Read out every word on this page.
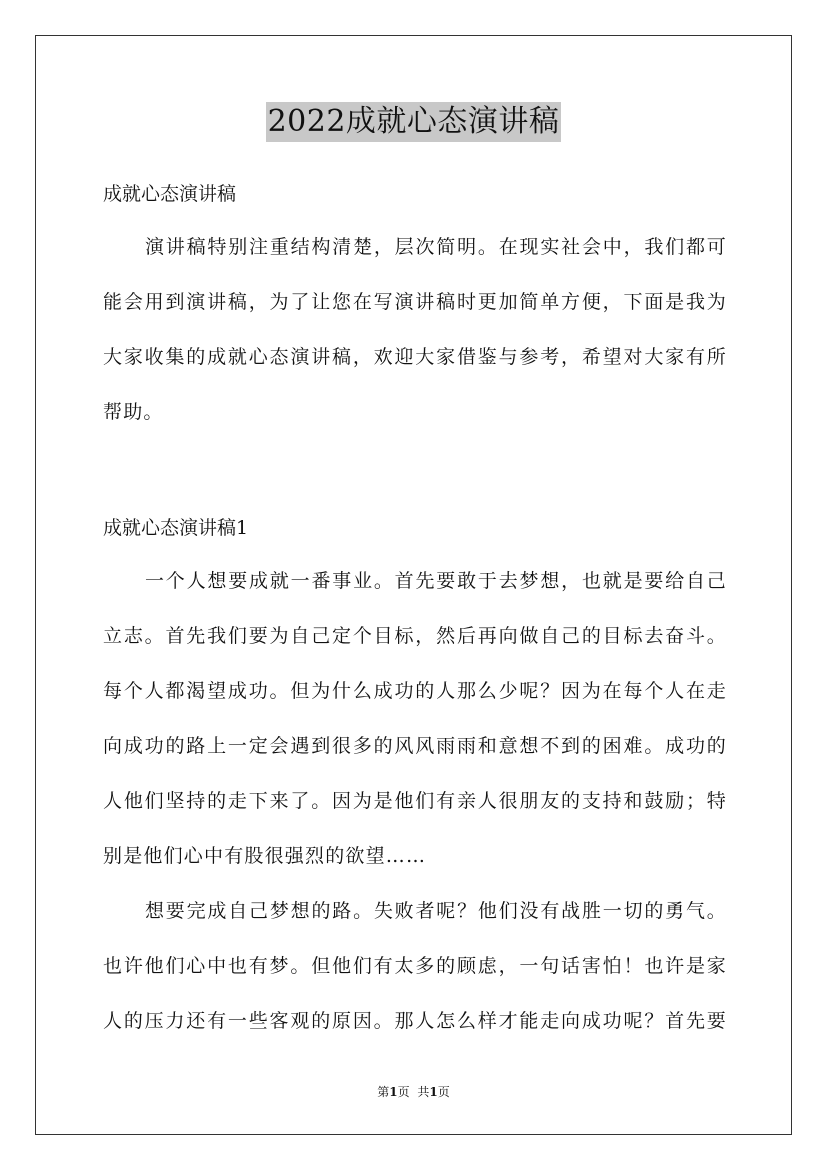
2022成就心态演讲稿

成就心态演讲稿

演讲稿特别注重结构清楚，层次简明。在现实社会中，我们都可

能会用到演讲稿，为了让您在写演讲稿时更加简单方便，下面是我为

大家收集的成就心态演讲稿，欢迎大家借鉴与参考，希望对大家有所

帮助。

成就心态演讲稿1

一个人想要成就一番事业。首先要敢于去梦想，也就是要给自己

立志。首先我们要为自己定个目标，然后再向做自己的目标去奋斗。

每个人都渴望成功。但为什么成功的人那么少呢？因为在每个人在走

向成功的路上一定会遇到很多的风风雨雨和意想不到的困难。成功的

人他们坚持的走下来了。因为是他们有亲人很朋友的支持和鼓励；特

别是他们心中有股很强烈的欲望……

想要完成自己梦想的路。失败者呢？他们没有战胜一切的勇气。

也许他们心中也有梦。但他们有太多的顾虑，一句话害怕！也许是家

人的压力还有一些客观的原因。那人怎么样才能走向成功呢？首先要

第1页 共1页
